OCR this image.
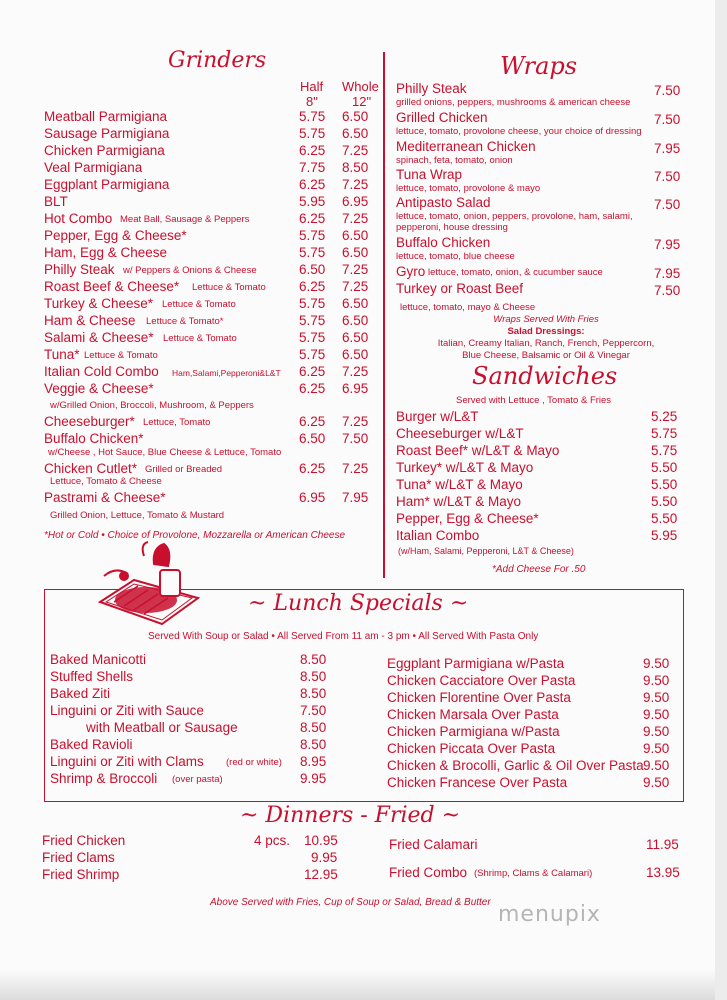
Grinders
Half Whole
8"	12"
Meatball Parmigiana	5.75 6.50
Sausage Parmigiana	5.75 6.50
Chicken Parmigiana	6.25 7.25
Veal Parmigiana	7.75 8.50
Eggplant Parmigiana	6.25 7.25
BLT	5.95 6.95
Hot Combo Meat Ball, Sausage & Peppers	6.25 7.25
Pepper, Egg & Cheese*	5.75 6.50
Ham, Egg & Cheese	5.75 6.50
Philly Steak w/ Peppers & Onions & Cheese	6.50 7.25
Roast Beef & Cheese* Lettuce & Tomato 6.25 7.25
Turkey & Cheese* Lettuce & Tomato	5.75 6.50
Ham & Cheese Lettuce & Tomato*	5.75 6.50
Salami & Cheese* Lettuce & Tomato	5.75 6.50
Tuna* Lettuce & Tomato	5.75 6.50
Italian Cold Combo Ham,Salami,Pepperoni&L&T 6.25 7.25
Veggie & Cheese*	6.25 6.95
w/Grilled Onion, Broccoli, Mushroom, & Peppers
Cheeseburger* Lettuce, Tomato	6.25 7.25
Buffalo Chicken*	6.50 7.50
w/Cheese , Hot Sauce, Blue Cheese & Lettuce, Tomato
Chicken Cutlet* Grilled or Breaded	6.25 7.25
Lettuce, Tomato & Cheese
Pastrami & Cheese*	6.95 7.95
Grilled Onion, Lettuce, Tomato & Mustard
*Hot or Cold • Choice of Provolone, Mozzarella or American Cheese
Wraps
Philly Steak	7.50
grilled onions, peppers, mushrooms & american cheese
Grilled Chicken	7.50
lettuce, tomato, provolone cheese, your choice of dressing
Mediterranean Chicken	7.95
spinach, feta, tomato, onion
Tuna Wrap	7.50
lettuce, tomato, provolone & mayo
Antipasto Salad	7.50
lettuce, tomato, onion, peppers, provolone, ham, salami,
pepperoni, house dressing
Buffalo Chicken	7.95
lettuce, tomato, blue cheese
Gyro lettuce, tomato, onion, & cucumber sauce	7.95
Turkey or Roast Beef	7.50
lettuce, tomato, mayo & Cheese
Wraps Served With Fries
Salad Dressings:
Italian, Creamy Italian, Ranch, French, Peppercorn,
Blue Cheese, Balsamic or Oil & Vinegar
Sandwiches
Served with Lettuce , Tomato & Fries
Burger w/L&T	5.25
Cheeseburger w/L&T	5.75
Roast Beef* w/L&T & Mayo	5.75
Turkey* w/L&T & Mayo	5.50
Tuna* w/L&T & Mayo	5.50
Ham* w/L&T & Mayo	5.50
Pepper, Egg & Cheese*	5.50
Italian Combo	5.95
(w/Ham, Salami, Pepperoni, L&T & Cheese)
*Add Cheese For .50
~ Lunch Specials ~
Served With Soup or Salad • All Served From 11 am - 3 pm • All Served With Pasta Only
Baked Manicotti	8.50
Stuffed Shells	8.50
Baked Ziti	8.50
Linguini or Ziti with Sauce	7.50
with Meatball or Sausage	8.50
Baked Ravioli	8.50
Linguini or Ziti with Clams (red or white) 8.95
Shrimp & Broccoli (over pasta)	9.95
Eggplant Parmigiana w/Pasta	9.50
Chicken Cacciatore Over Pasta	9.50
Chicken Florentine Over Pasta	9.50
Chicken Marsala Over Pasta	9.50
Chicken Parmigiana w/Pasta	9.50
Chicken Piccata Over Pasta	9.50
Chicken & Brocolli, Garlic & Oil Over Pasta 9.50
Chicken Francese Over Pasta	9.50
~ Dinners - Fried ~
Fried Chicken	4 pcs. 10.95
Fried Clams	9.95
Fried Shrimp	12.95
Fried Calamari	11.95
Fried Combo (Shrimp, Clams & Calamari)	13.95
Above Served with Fries, Cup of Soup or Salad, Bread & Butter menupix
